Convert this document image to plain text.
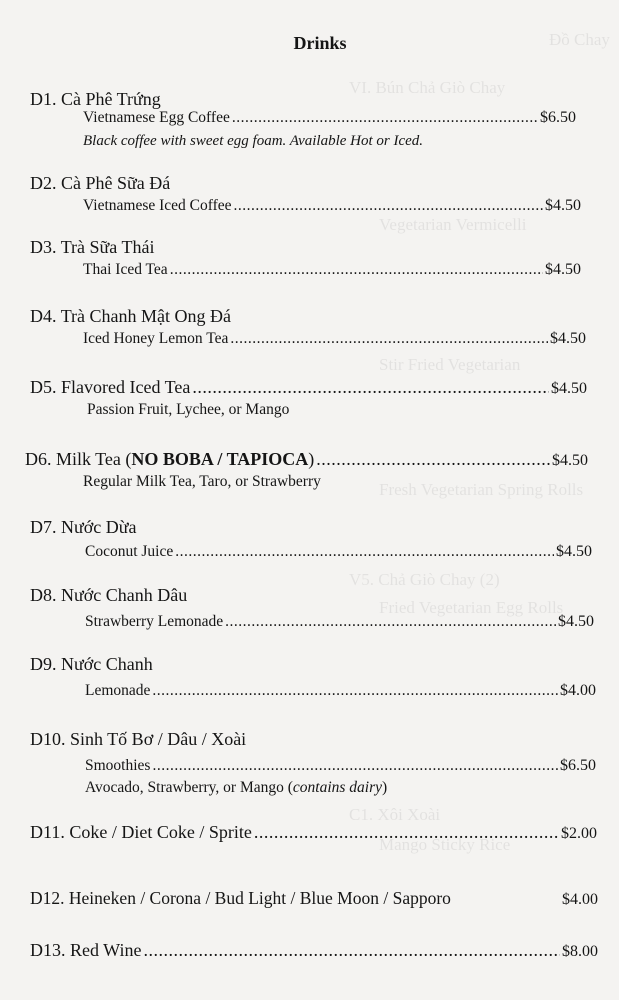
Đồ Chay
VI. Bún Chả Giò Chay
Vegetarian Vermicelli
Stir Fried Vegetarian
Fresh Vegetarian Spring Rolls
V5. Chả Giò Chay (2)
Fried Vegetarian Egg Rolls
C1. Xôi Xoài
Mango Sticky Rice
Drinks
D1. Cà Phê Trứng
Vietnamese Egg Coffee .....	$6.50
Black coffee with sweet egg foam. Available Hot or Iced.
D2. Cà Phê Sữa Đá
Vietnamese Iced Coffee .....	$4.50
D3. Trà Sữa Thái
Thai Iced Tea .....	$4.50
D4. Trà Chanh Mật Ong Đá
Iced Honey Lemon Tea .....	$4.50
D5. Flavored Iced Tea .....	$4.50
Passion Fruit, Lychee, or Mango
D6. Milk Tea (NO BOBA / TAPIOCA) .....	$4.50
Regular Milk Tea, Taro, or Strawberry
D7. Nước Dừa
Coconut Juice .....	$4.50
D8. Nước Chanh Dâu
Strawberry Lemonade .....	$4.50
D9. Nước Chanh
Lemonade .....	$4.00
D10. Sinh Tố Bơ / Dâu / Xoài
Smoothies .....	$6.50
Avocado, Strawberry, or Mango (contains dairy)
D11. Coke / Diet Coke / Sprite .....	$2.00
D12. Heineken / Corona / Bud Light / Blue Moon / Sapporo	$4.00
D13. Red Wine .....	$8.00
